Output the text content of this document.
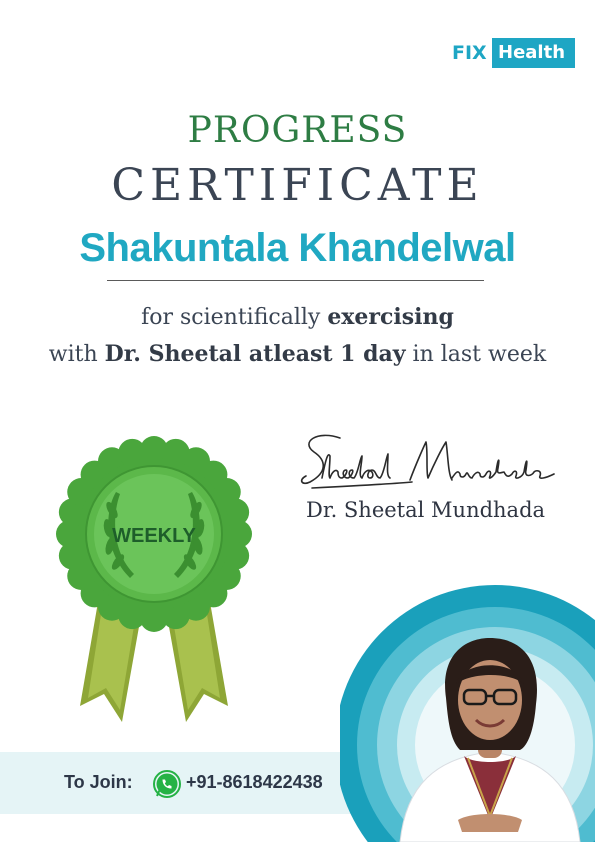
FIX Health
PROGRESS
CERTIFICATE
Shakuntala Khandelwal
for scientifically exercising
with Dr. Sheetal atleast 1 day in last week
Dr. Sheetal Mundhada
WEEKLY
To Join:	+91-8618422438
